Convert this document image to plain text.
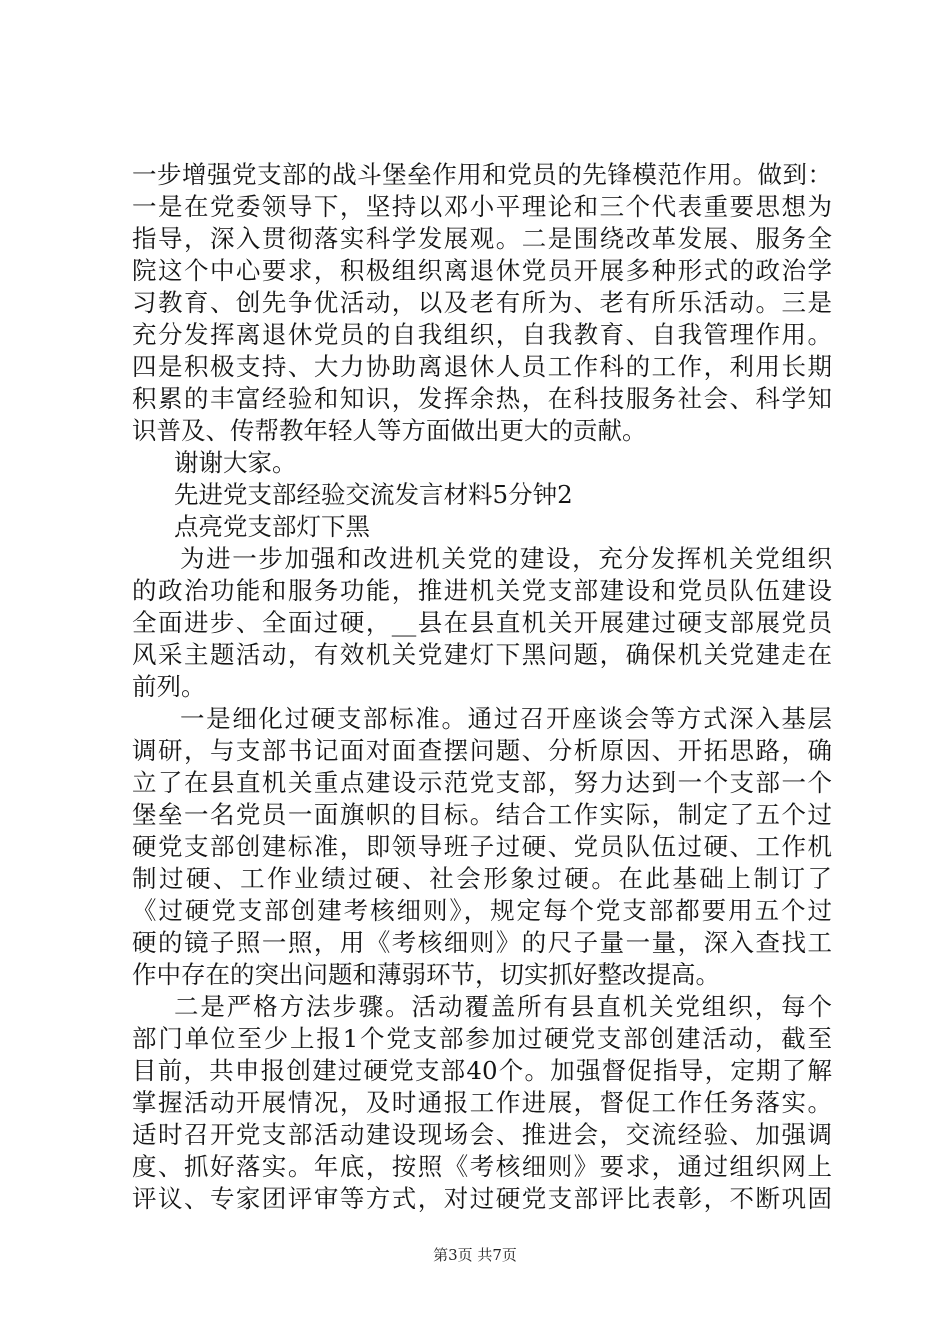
一步增强党支部的战斗堡垒作用和党员的先锋模范作用。做到：
一是在党委领导下，坚持以邓小平理论和三个代表重要思想为
指导，深入贯彻落实科学发展观。二是围绕改革发展、服务全
院这个中心要求，积极组织离退休党员开展多种形式的政治学
习教育、创先争优活动，以及老有所为、老有所乐活动。三是
充分发挥离退休党员的自我组织，自我教育、自我管理作用。
四是积极支持、大力协助离退休人员工作科的工作，利用长期
积累的丰富经验和知识，发挥余热，在科技服务社会、科学知
识普及、传帮教年轻人等方面做出更大的贡献。
谢谢大家。
先进党支部经验交流发言材料5分钟2
点亮党支部灯下黑
为进一步加强和改进机关党的建设，充分发挥机关党组织
的政治功能和服务功能，推进机关党支部建设和党员队伍建设
全面进步、全面过硬，__县在县直机关开展建过硬支部展党员
风采主题活动，有效机关党建灯下黑问题，确保机关党建走在
前列。
一是细化过硬支部标准。通过召开座谈会等方式深入基层
调研，与支部书记面对面查摆问题、分析原因、开拓思路，确
立了在县直机关重点建设示范党支部，努力达到一个支部一个
堡垒一名党员一面旗帜的目标。结合工作实际，制定了五个过
硬党支部创建标准，即领导班子过硬、党员队伍过硬、工作机
制过硬、工作业绩过硬、社会形象过硬。在此基础上制订了
《过硬党支部创建考核细则》，规定每个党支部都要用五个过
硬的镜子照一照，用《考核细则》的尺子量一量，深入查找工
作中存在的突出问题和薄弱环节，切实抓好整改提高。
二是严格方法步骤。活动覆盖所有县直机关党组织，每个
部门单位至少上报1个党支部参加过硬党支部创建活动，截至
目前，共申报创建过硬党支部40个。加强督促指导，定期了解
掌握活动开展情况，及时通报工作进展，督促工作任务落实。
适时召开党支部活动建设现场会、推进会，交流经验、加强调
度、抓好落实。年底，按照《考核细则》要求，通过组织网上
评议、专家团评审等方式，对过硬党支部评比表彰，不断巩固
第3页 共7页
